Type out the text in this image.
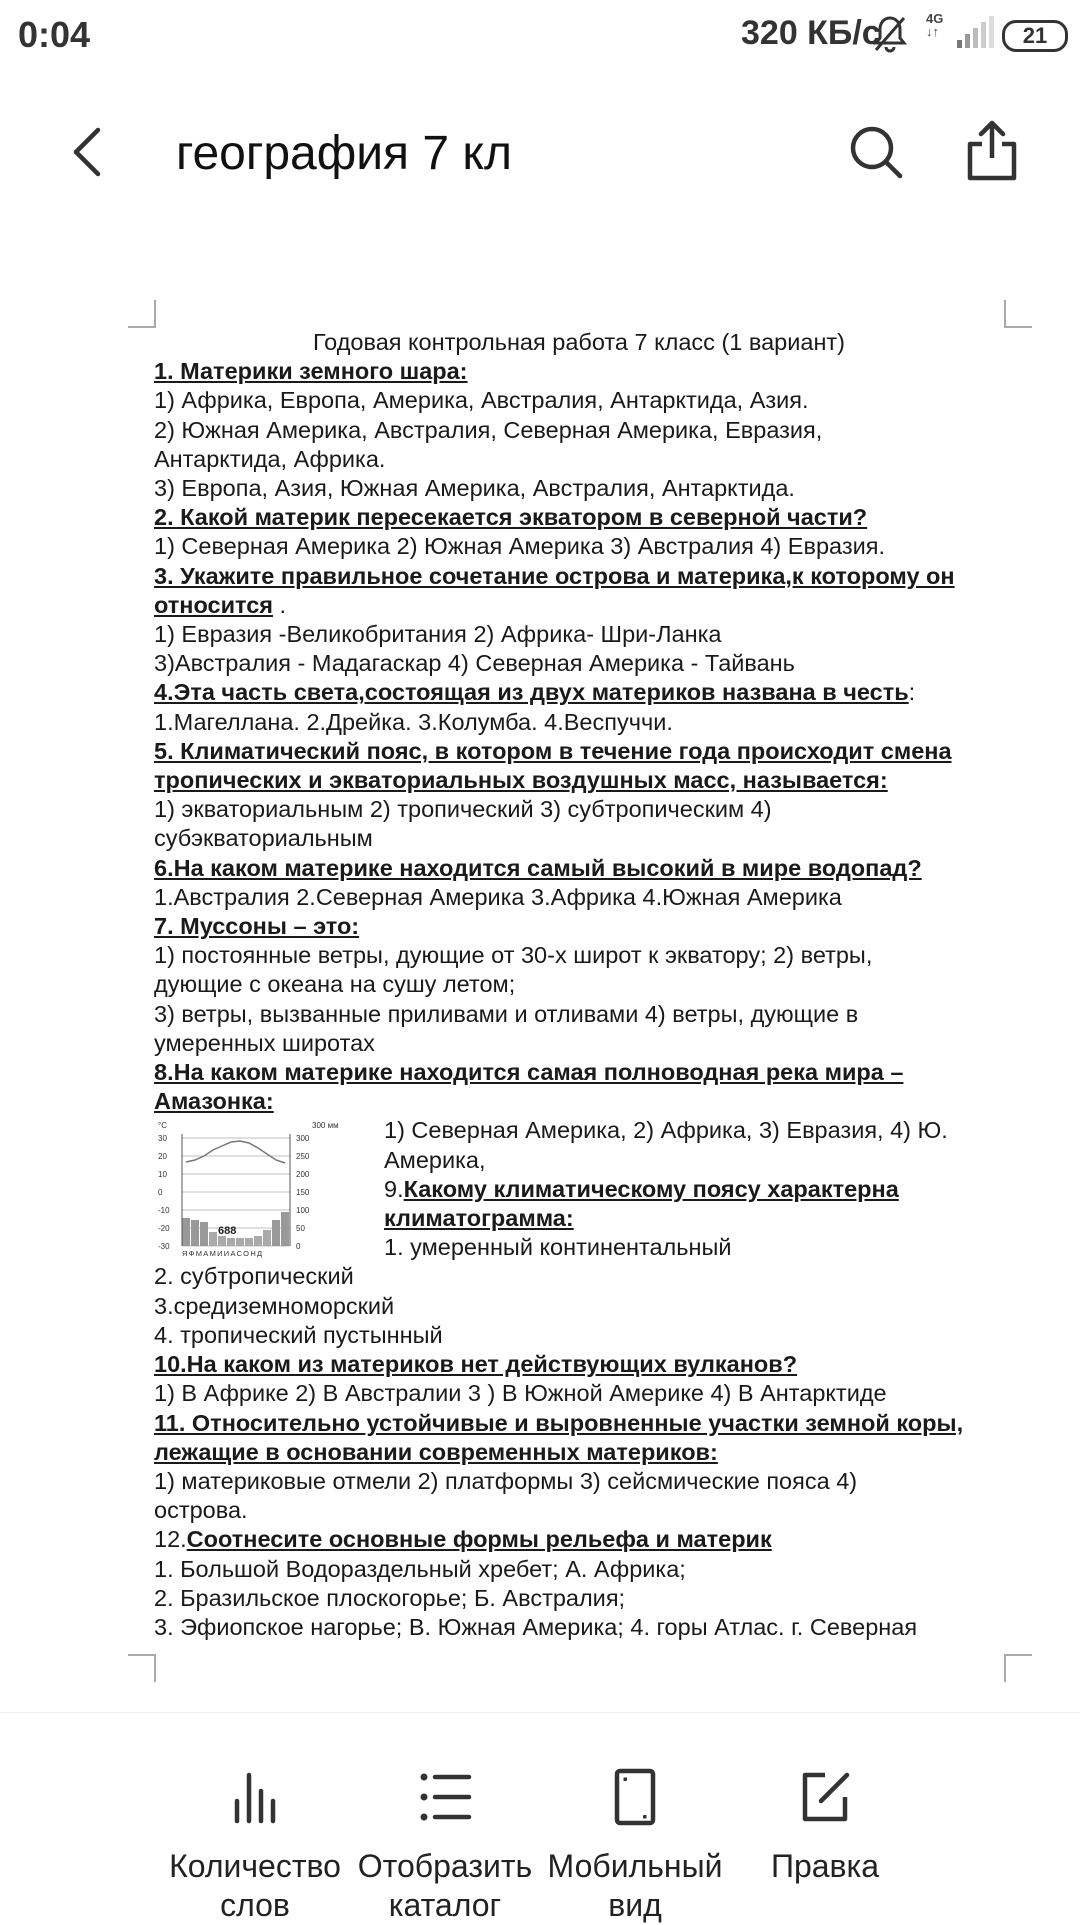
0:04	320 КБ/с	4G
↓↑	21
география 7 кл
Годовая контрольная работа 7 класс (1 вариант)
1. Материки земного шара:
1) Африка, Европа, Америка, Австралия, Антарктида, Азия.
2) Южная Америка, Австралия, Северная Америка, Евразия,
Антарктида, Африка.
3) Европа, Азия, Южная Америка, Австралия, Антарктида.
2. Какой материк пересекается экватором в северной части?
1) Северная Америка 2) Южная Америка 3) Австралия 4) Евразия.
3. Укажите правильное сочетание острова и материка,к которому он
относится .
1) Евразия -Великобритания 2) Африка- Шри-Ланка
3)Австралия - Мадагаскар 4) Северная Америка - Тайвань
4.Эта часть света,состоящая из двух материков названа в честь:
1.Магеллана. 2.Дрейка. 3.Колумба. 4.Веспуччи.
5. Климатический пояс, в котором в течение года происходит смена
тропических и экваториальных воздушных масс, называется:
1) экваториальным 2) тропический 3) субтропическим 4)
субэкваториальным
6.На каком материке находится самый высокий в мире водопад?
1.Австралия 2.Северная Америка 3.Африка 4.Южная Америка
7. Муссоны – это:
1) постоянные ветры, дующие от 30-х широт к экватору; 2) ветры,
дующие с океана на сушу летом;
3) ветры, вызванные приливами и отливами 4) ветры, дующие в
умеренных широтах
8.На каком материке находится самая полноводная река мира –
Амазонка:
°C	300 мм
30
20
10
0
-10
-20
-30
300
250
200
150
100
50
0
688
ЯФМАМИИАСОНД
1) Северная Америка, 2) Африка, 3) Евразия, 4) Ю.
Америка,
9.Какому климатическому поясу характерна
климатограмма:
1. умеренный континентальный
2. субтропический
3.средиземноморский
4. тропический пустынный
10.На каком из материков нет действующих вулканов?
1) В Африке 2) В Австралии 3 ) В Южной Америке 4) В Антарктиде
11. Относительно устойчивые и выровненные участки земной коры,
лежащие в основании современных материков:
1) материковые отмели 2) платформы 3) сейсмические пояса 4)
острова.
12.Соотнесите основные формы рельефа и материк
1. Большой Водораздельный хребет; А. Африка;
2. Бразильское плоскогорье; Б. Австралия;
3. Эфиопское нагорье; В. Южная Америка; 4. горы Атлас. г. Северная
Количество
слов
Отобразить
каталог
Мобильный
вид
Правка
